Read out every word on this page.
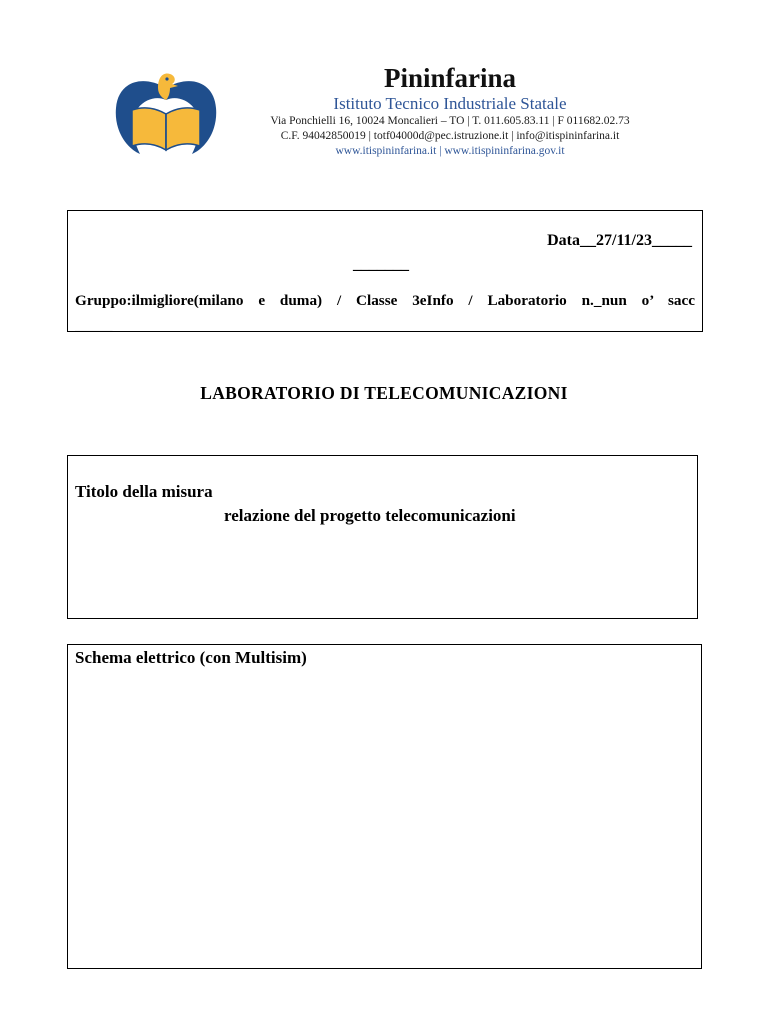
Pininfarina
Istituto Tecnico Industriale Statale
Via Ponchielli 16, 10024 Moncalieri – TO | T. 011.605.83.11 | F 011682.02.73
C.F. 94042850019 | totf04000d@pec.istruzione.it | info@itispininfarina.it
www.itispininfarina.it | www.itispininfarina.gov.it
Data__27/11/23_____
_______
Gruppo:ilmigliore(milano e duma) / Classe 3eInfo / Laboratorio n._nun o’ sacc
_____
LABORATORIO DI TELECOMUNICAZIONI
Titolo della misura
relazione del progetto telecomunicazioni
Schema elettrico (con Multisim)
